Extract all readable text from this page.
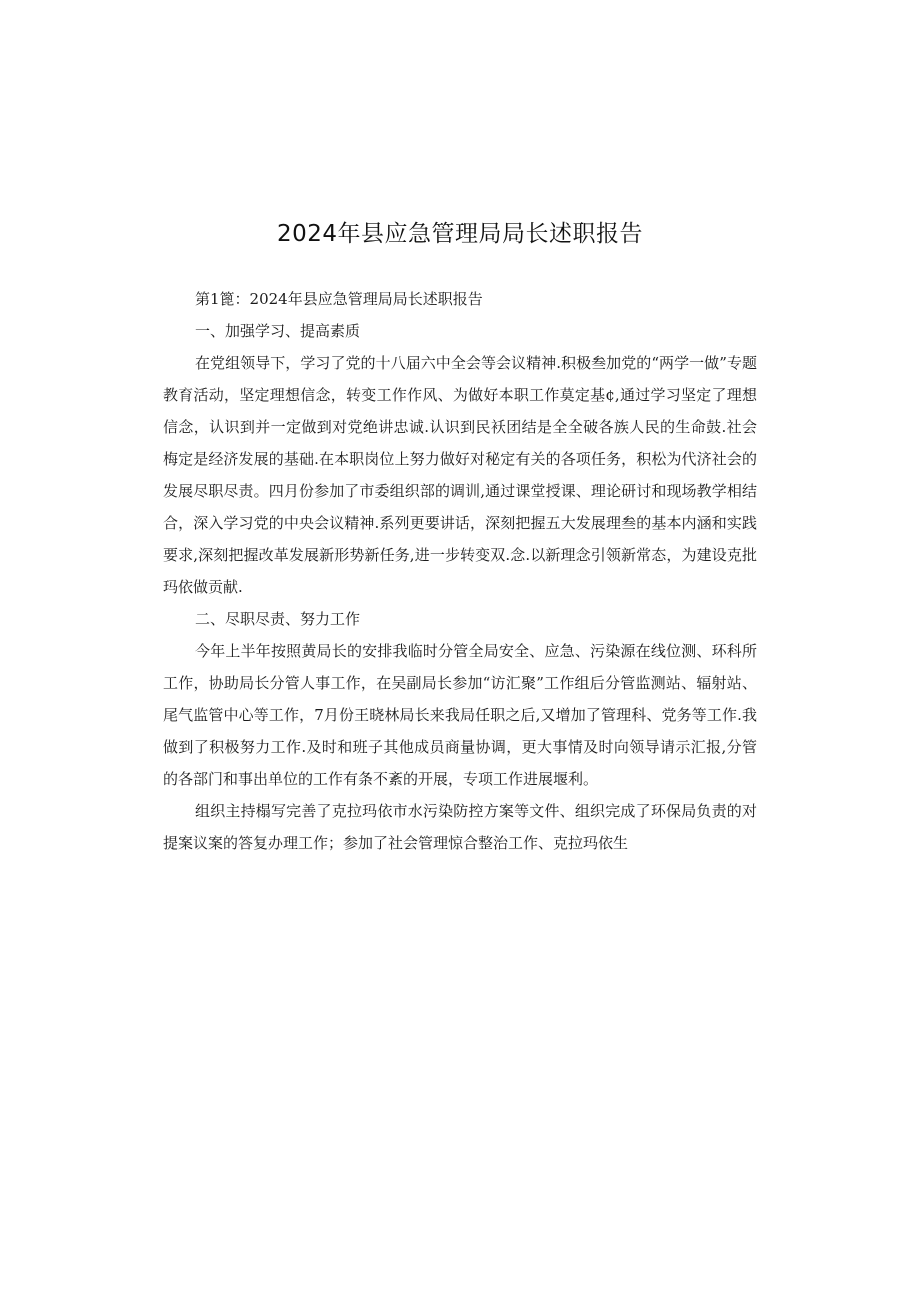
2024年县应急管理局局长述职报告

第1篦：2024年县应急管理局局长述职报告

一、加强学习、提高素质

在党组领导下，学习了党的十八届六中全会等会议精神.积极叁加党的“两学一做”专题教育活动，坚定理想信念，转变工作作风、为做好本职工作莫定基¢,通过学习坚定了理想信念，认识到并一定做到对党绝讲忠诚.认识到民袄团结是全全破各族人民的生命鼓.社会梅定是经济发展的基础.在本职岗位上努力做好对秘定有关的各项任务，积松为代济社会的发展尽职尽责。四月份参加了市委组织部的调训,通过课堂授课、理论研讨和现场教学相结合，深入学习党的中央会议精神.系列更要讲话，深刻把握五大发展理叁的基本内涵和实践要求,深刻把握改革发展新形势新任务,进一步转变双.念.以新理念引领新常态，为建设克批玛依做贡献.

二、尽职尽责、努力工作

今年上半年按照黄局长的安排我临时分管全局安全、应急、污染源在线位测、环科所工作，协助局长分管人事工作，在吴副局长参加“访汇聚”工作组后分管监测站、辐射站、尾气监管中心等工作，7月份王晓林局长来我局任职之后,又增加了管理科、党务等工作.我做到了积极努力工作.及时和班子其他成员商量协调，更大事情及时向领导请示汇报,分管的各部门和事出单位的工作有条不紊的开展，专项工作进展堰利。

组织主持榻写完善了克拉玛依市水污染防控方案等文件、组织完成了环保局负责的对提案议案的答复办理工作；参加了社会管理惊合整治工作、克拉玛依生
